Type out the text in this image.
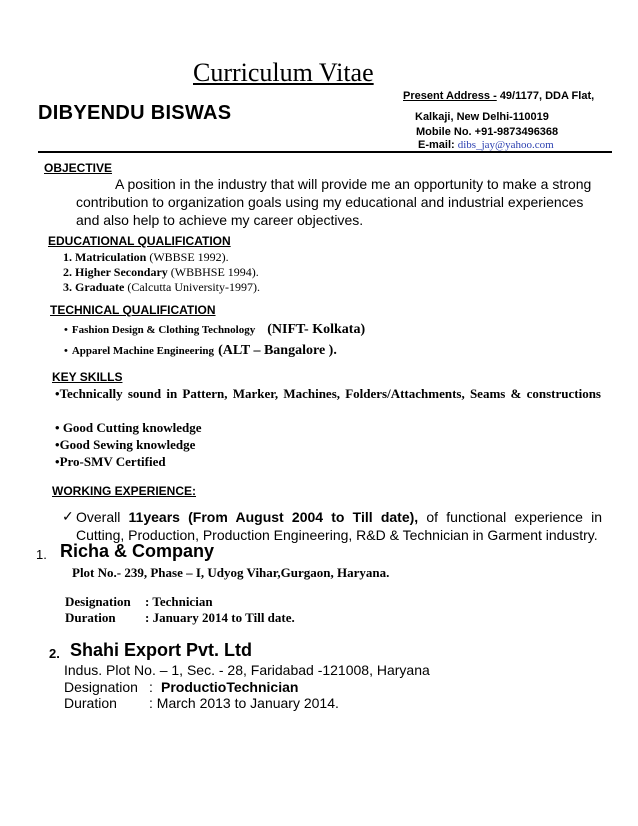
Curriculum Vitae
DIBYENDU BISWAS
Present Address - 49/1177, DDA Flat,
Kalkaji, New Delhi-110019
Mobile No. +91-9873496368
E-mail: dibs_jay@yahoo.com
OBJECTIVE
A position in the industry that will provide me an opportunity to make a strong contribution to organization goals using my educational and industrial experiences and also help to achieve my career objectives.
EDUCATIONAL QUALIFICATION
1. Matriculation (WBBSE 1992).
2. Higher Secondary (WBBHSE 1994).
3. Graduate (Calcutta University-1997).
TECHNICAL QUALIFICATION
• Fashion Design & Clothing Technology (NIFT- Kolkata)
• Apparel Machine Engineering (ALT – Bangalore ).
KEY SKILLS
•Technically sound in Pattern, Marker, Machines, Folders/Attachments, Seams & constructions
• Good Cutting knowledge
•Good Sewing knowledge
•Pro-SMV Certified
WORKING EXPERIENCE:
✓ Overall 11years (From August 2004 to Till date), of functional experience in Cutting, Production, Production Engineering, R&D & Technician in Garment industry.
1. Richa & Company
Plot No.- 239, Phase – I, Udyog Vihar,Gurgaon, Haryana.
Designation : Technician
Duration : January 2014 to Till date.
2. Shahi Export Pvt. Ltd
Indus. Plot No. – 1, Sec. - 28, Faridabad -121008, Haryana
Designation : ProductioTechnician
Duration : March 2013 to January 2014.
